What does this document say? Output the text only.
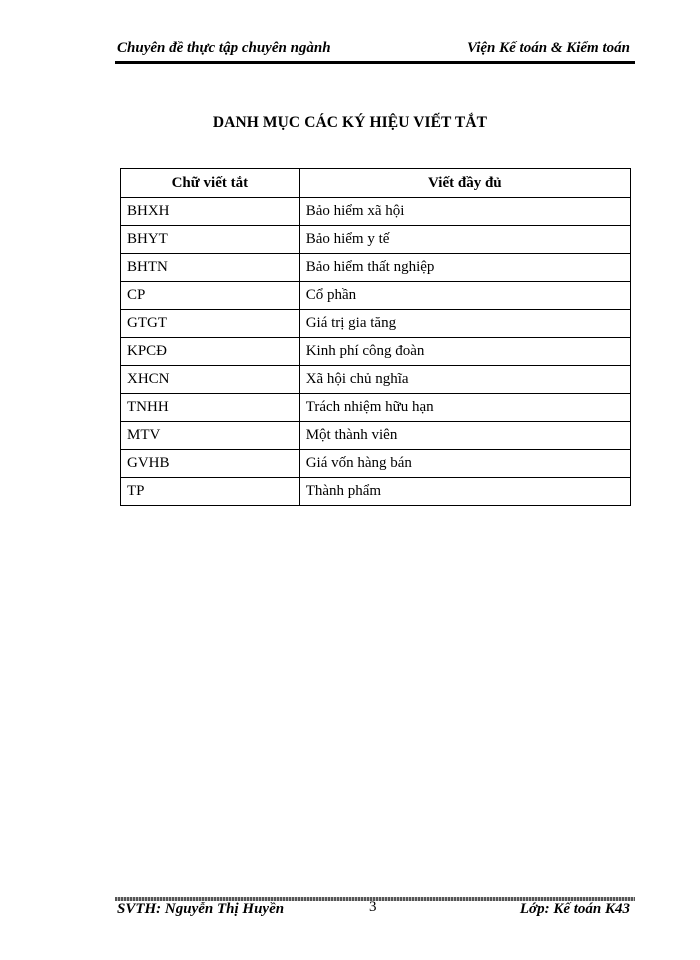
Chuyên đề thực tập chuyên ngành	Viện Kế toán & Kiểm toán
DANH MỤC CÁC KÝ HIỆU VIẾT TẮT
Chữ viết tắt	Viết đầy đủ
BHXH	Bảo hiểm xã hội
BHYT	Bảo hiểm y tế
BHTN	Bảo hiểm thất nghiệp
CP	Cổ phần
GTGT	Giá trị gia tăng
KPCĐ	Kinh phí công đoàn
XHCN	Xã hội chủ nghĩa
TNHH	Trách nhiệm hữu hạn
MTV	Một thành viên
GVHB	Giá vốn hàng bán
TP	Thành phẩm
SVTH: Nguyễn Thị Huyền	3	Lớp: Kế toán K43
